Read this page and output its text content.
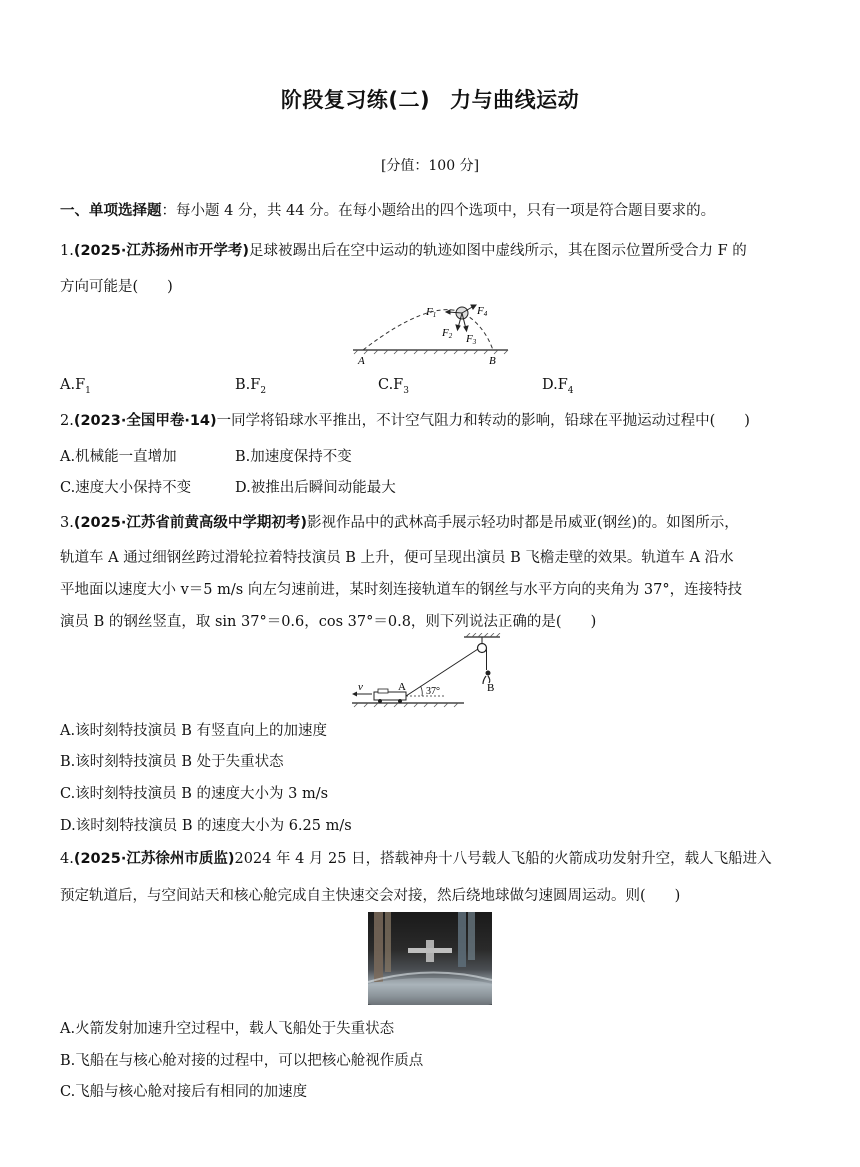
阶段复习练(二) 力与曲线运动
[分值：100 分]
一、单项选择题：每小题 4 分，共 44 分。在每小题给出的四个选项中，只有一项是符合题目要求的。
1.(2025·江苏扬州市开学考)足球被踢出后在空中运动的轨迹如图中虚线所示，其在图示位置所受合力 F 的
方向可能是(　　)
F1
F2 F3
F4
A	B
$A.F_1$	$B.F_2$	$C.F_3$	$D.F_4$
2.(2023·全国甲卷·14)一同学将铅球水平推出，不计空气阻力和转动的影响，铅球在平抛运动过程中(　　)
A.机械能一直增加	B.加速度保持不变
C.速度大小保持不变	D.被推出后瞬间动能最大
3.(2025·江苏省前黄高级中学期初考)影视作品中的武林高手展示轻功时都是吊威亚(钢丝)的。如图所示，
轨道车 A 通过细钢丝跨过滑轮拉着特技演员 B 上升，便可呈现出演员 B 飞檐走壁的效果。轨道车 A 沿水
平地面以速度大小 v＝5 m/s 向左匀速前进，某时刻连接轨道车的钢丝与水平方向的夹角为 37°，连接特技
演员 B 的钢丝竖直，取 sin 37°＝0.6，cos 37°＝0.8，则下列说法正确的是(　　)
B
A 37°
v
A.该时刻特技演员 B 有竖直向上的加速度
B.该时刻特技演员 B 处于失重状态
C.该时刻特技演员 B 的速度大小为 3 m/s
D.该时刻特技演员 B 的速度大小为 6.25 m/s
4.(2025·江苏徐州市质监)2024 年 4 月 25 日，搭载神舟十八号载人飞船的火箭成功发射升空，载人飞船进入
预定轨道后，与空间站天和核心舱完成自主快速交会对接，然后绕地球做匀速圆周运动。则(　　)
A.火箭发射加速升空过程中，载人飞船处于失重状态
B.飞船在与核心舱对接的过程中，可以把核心舱视作质点
C.飞船与核心舱对接后有相同的加速度
